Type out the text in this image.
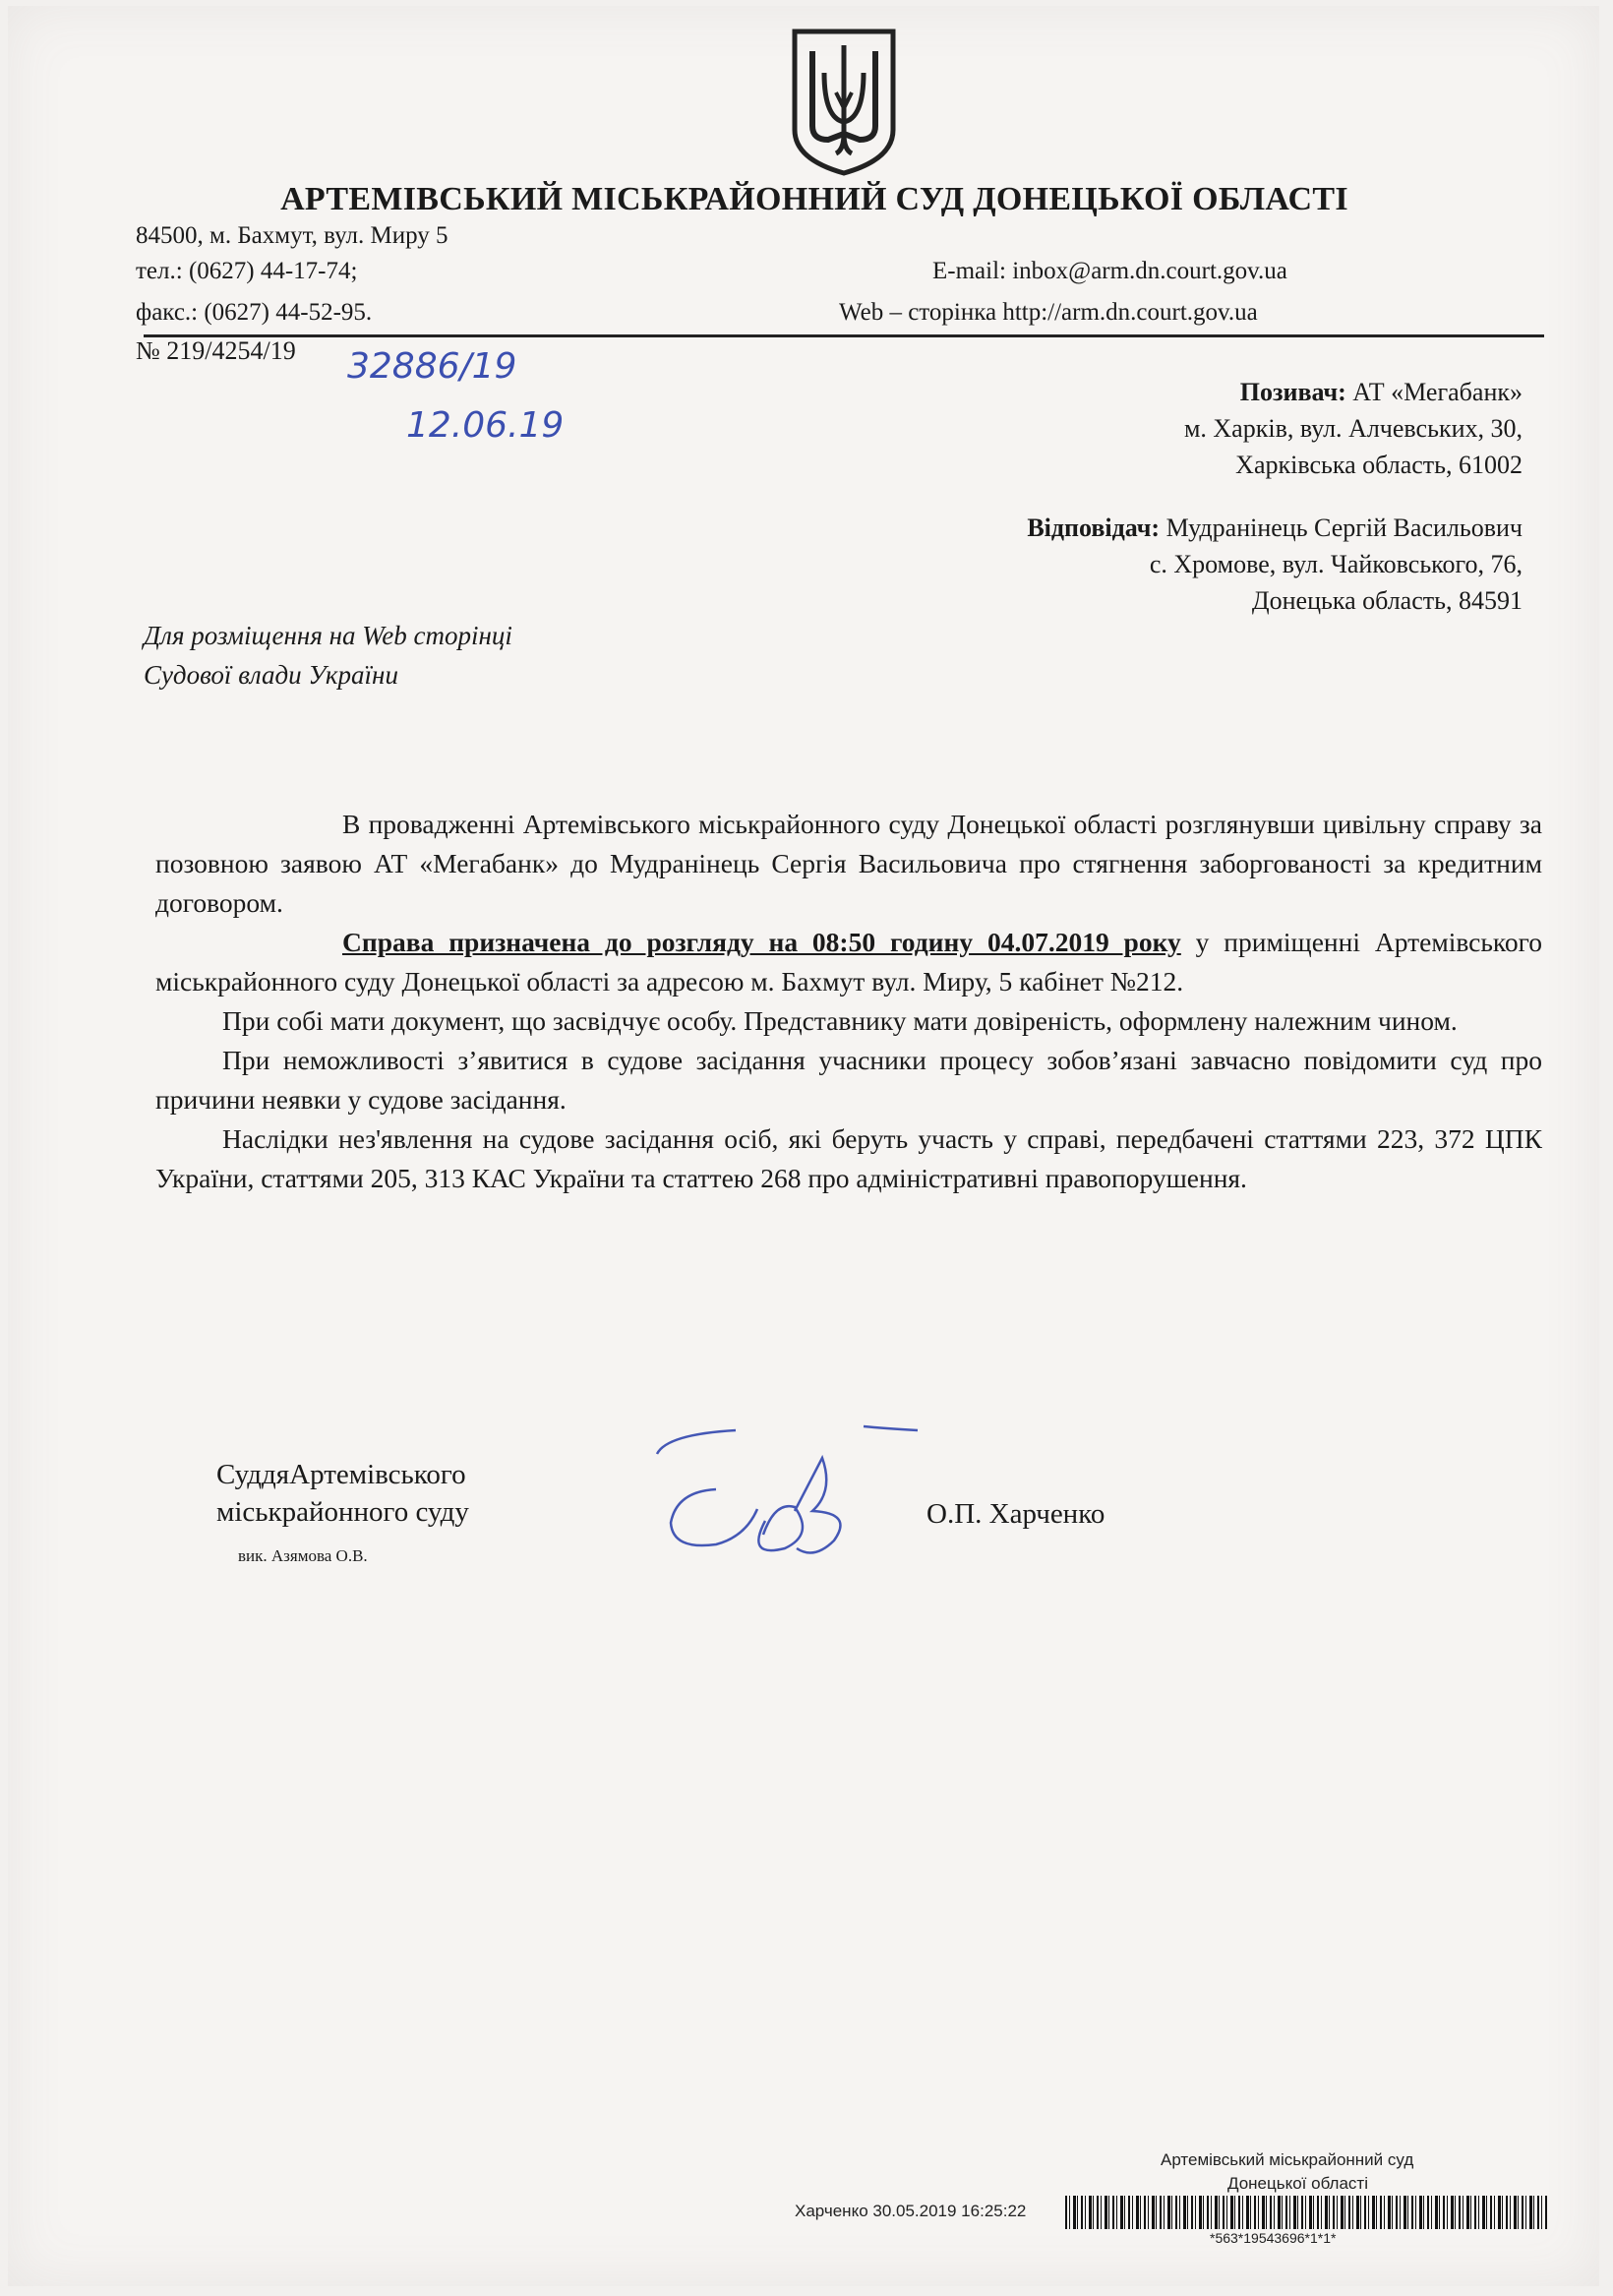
АРТЕМІВСЬКИЙ МІСЬКРАЙОННИЙ СУД ДОНЕЦЬКОЇ ОБЛАСТІ
84500, м. Бахмут, вул. Миру 5
тел.: (0627) 44-17-74;	E-mail: inbox@arm.dn.court.gov.ua
факс.: (0627) 44-52-95.	Web – сторінка http://arm.dn.court.gov.ua
№ 219/4254/19 32886/19
12.06.19
Позивач: АТ «Мегабанк»
м. Харків, вул. Алчевських, 30,
Харківська область, 61002
Відповідач: Мудранінець Сергій Васильович
с. Хромове, вул. Чайковського, 76,
Донецька область, 84591
Для розміщення на Web сторінці
Судової влади України

В провадженні Артемівського міськрайонного суду Донецької області розглянувши цивільну справу за позовною заявою АТ «Мегабанк» до Мудранінець Сергія Васильовича про стягнення заборгованості за кредитним договором.

Справа призначена до розгляду на 08:50 годину 04.07.2019 року у приміщенні Артемівського міськрайонного суду Донецької області за адресою м. Бахмут вул. Миру, 5 кабінет №212.

При собі мати документ, що засвідчує особу. Представнику мати довіреність, оформлену належним чином.

При неможливості з’явитися в судове засідання учасники процесу зобов’язані завчасно повідомити суд про причини неявки у судове засідання.

Наслідки нез'явлення на судове засідання осіб, які беруть участь у справі, передбачені статтями 223, 372 ЦПК України, статтями 205, 313 КАС України та статтею 268 про адміністративні правопорушення.

СуддяАртемівського
міськрайонного суду
вик. Азямова О.В.
О.П. Харченко
Артемівський міськрайонний суд
Донецької області
Харченко 30.05.2019 16:25:22
*563*19543696*1*1*
